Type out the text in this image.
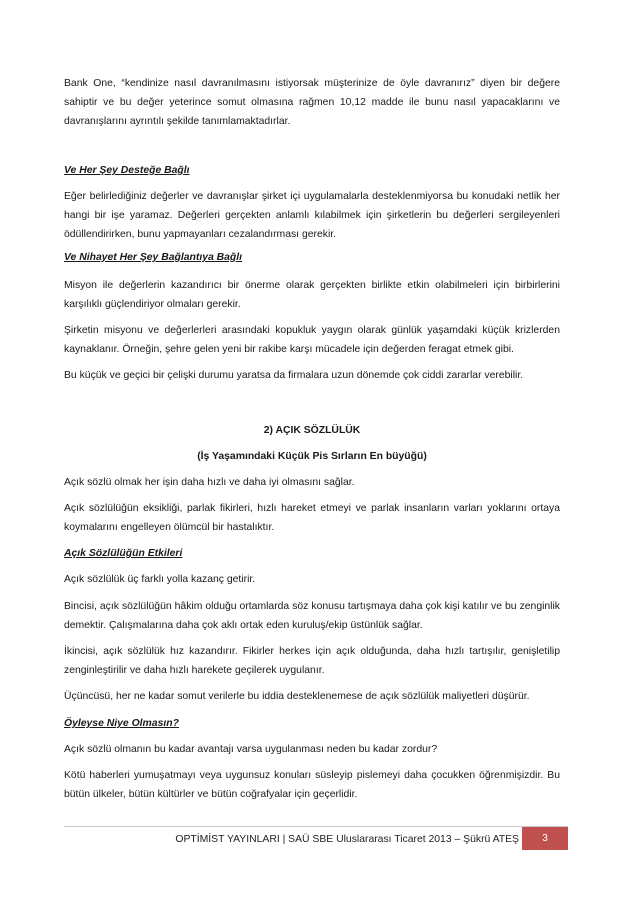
Bank One, “kendinize nasıl davranılmasını istiyorsak müşterinize de öyle davranırız” diyen bir değere sahiptir ve bu değer yeterince somut olmasına rağmen 10,12 madde ile bunu nasıl yapacaklarını ve davranışlarını ayrıntılı şekilde tanımlamaktadırlar.

Ve Her Şey Desteğe Bağlı

Eğer belirlediğiniz değerler ve davranışlar şirket içi uygulamalarla desteklenmiyorsa bu konudaki netlik her hangi bir işe yaramaz. Değerleri gerçekten anlamlı kılabilmek için şirketlerin bu değerleri sergileyenleri ödüllendirirken, bunu yapmayanları cezalandırması gerekir.

Ve Nihayet Her Şey Bağlantıya Bağlı

Misyon ile değerlerin kazandırıcı bir önerme olarak gerçekten birlikte etkin olabilmeleri için birbirlerini karşılıklı güçlendiriyor olmaları gerekir.

Şirketin misyonu ve değerlerleri arasındaki kopukluk yaygın olarak günlük yaşamdaki küçük krizlerden kaynaklanır. Örneğin, şehre gelen yeni bir rakibe karşı mücadele için değerden feragat etmek gibi.

Bu küçük ve geçici bir çelişki durumu yaratsa da firmalara uzun dönemde çok ciddi zararlar verebilir.

2) AÇIK SÖZLÜLÜK

(İş Yaşamındaki Küçük Pis Sırların En büyüğü)

Açık sözlü olmak her işin daha hızlı ve daha iyi olmasını sağlar.

Açık sözlülüğün eksikliği, parlak fikirleri, hızlı hareket etmeyi ve parlak insanların varları yoklarını ortaya koymalarını engelleyen ölümcül bir hastalıktır.

Açık Sözlülüğün Etkileri

Açık sözlülük üç farklı yolla kazanç getirir.

Bincisi, açık sözlülüğün hâkim olduğu ortamlarda söz konusu tartışmaya daha çok kişi katılır ve bu zenginlik demektir. Çalışmalarına daha çok aklı ortak eden kuruluş/ekip üstünlük sağlar.

İkincisi, açık sözlülük hız kazandırır. Fikirler herkes için açık olduğunda, daha hızlı tartışılır, genişletilip zenginleştirilir ve daha hızlı harekete geçilerek uygulanır.

Üçüncüsü, her ne kadar somut verilerle bu iddia desteklenemese de açık sözlülük maliyetleri düşürür.

Öyleyse Niye Olmasın?

Açık sözlü olmanın bu kadar avantajı varsa uygulanması neden bu kadar zordur?

Kötü haberleri yumuşatmayı veya uygunsuz konuları süsleyip pislemeyi daha çocukken öğrenmişizdir. Bu bütün ülkeler, bütün kültürler ve bütün coğrafyalar için geçerlidir.

OPTİMİST YAYINLARI | SAÜ SBE Uluslararası Ticaret 2013 – Şükrü ATEŞ	3
